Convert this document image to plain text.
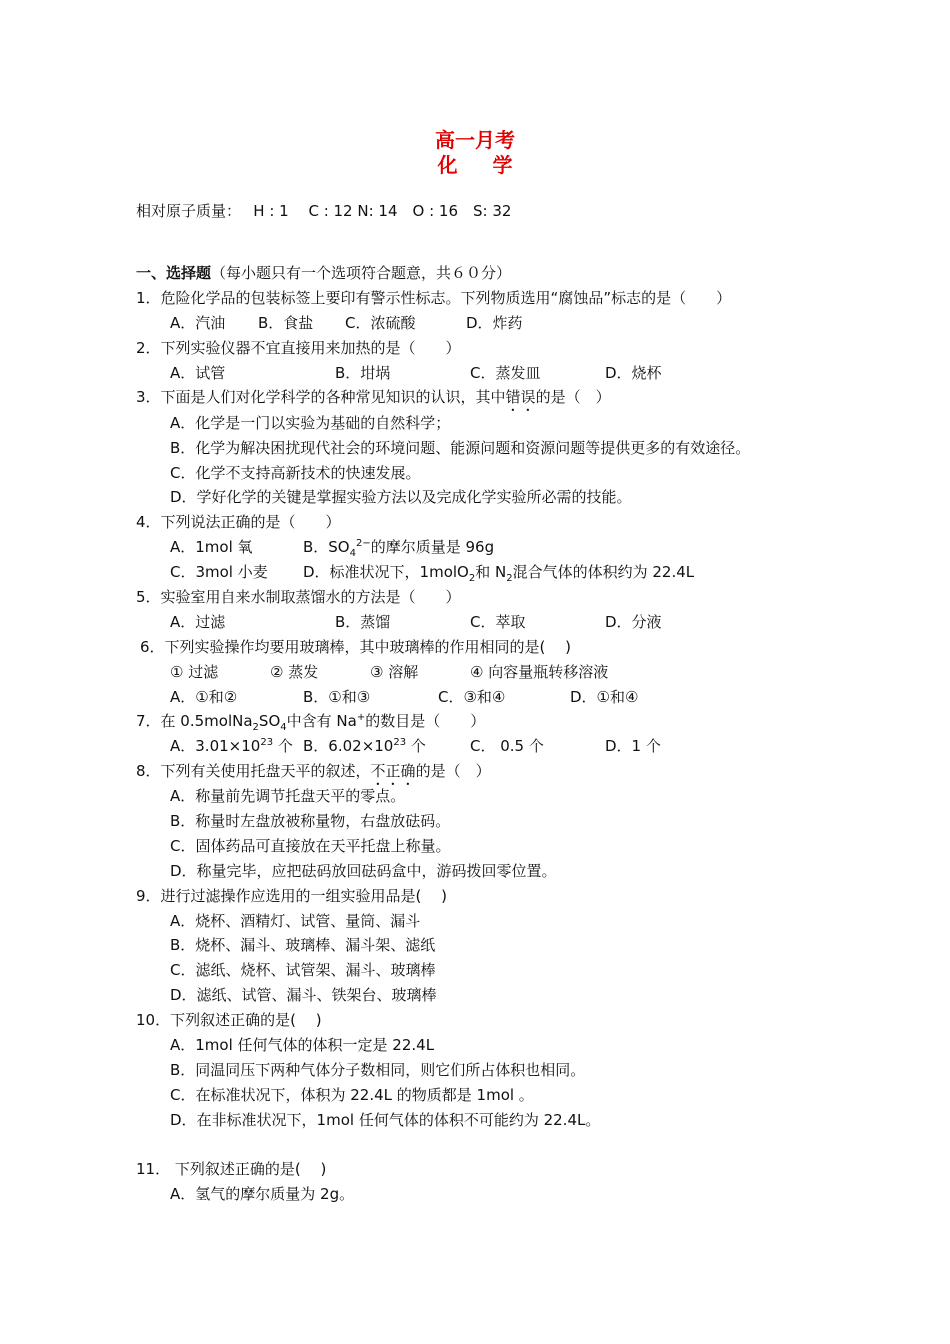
高一月考
化 学
相对原子质量：　 H : 1　 C : 12 N: 14　O : 16　S: 32
一、选择题（每小题只有一个选项符合题意，共６０分）
1．危险化学品的包装标签上要印有警示性标志。下列物质选用“腐蚀品”标志的是（　　）
A．汽油 B．食盐 C．浓硫酸	D．炸药
2．下列实验仪器不宜直接用来加热的是（　　）
A．试管	B．坩埚	C．蒸发皿	D．烧杯
3．下面是人们对化学科学的各种常见知识的认识，其中错误的是（　）
A．化学是一门以实验为基础的自然科学；
B．化学为解决困扰现代社会的环境问题、能源问题和资源问题等提供更多的有效途径。
C．化学不支持高新技术的快速发展。
D．学好化学的关键是掌握实验方法以及完成化学实验所必需的技能。
4．下列说法正确的是（　　）
A．1mol 氧	B．$SO_4^{2-}$的摩尔质量是 96g
C．3mol 小麦 D．标准状况下，1molO$_2$和 $N_2$混合气体的体积约为 22.4L
5．实验室用自来水制取蒸馏水的方法是（　　）
A．过滤	B．蒸馏	C．萃取	D．分液
6．下列实验操作均要用玻璃棒，其中玻璃棒的作用相同的是(　 )
① 过滤	② 蒸发	③ 溶解	④ 向容量瓶转移溶液
A．①和②	B．①和③	C．③和④	D．①和④
7．在 $0.5molNa_2SO_4$中含有 Na+的数目是（　　）
A．$3.01\times 10^{23}$ 个 B．$6.02\times 10^{23}$ 个	C． 0.5 个	D．1 个
8．下列有关使用托盘天平的叙述，不正确的是（　）
A．称量前先调节托盘天平的零点。
B．称量时左盘放被称量物，右盘放砝码。
C．固体药品可直接放在天平托盘上称量。
D．称量完毕，应把砝码放回砝码盒中，游码拨回零位置。
9．进行过滤操作应选用的一组实验用品是(　 )
A．烧杯、酒精灯、试管、量筒、漏斗
B．烧杯、漏斗、玻璃棒、漏斗架、滤纸
C．滤纸、烧杯、试管架、漏斗、玻璃棒
D．滤纸、试管、漏斗、铁架台、玻璃棒
10．下列叙述正确的是(　 )
A．1mol 任何气体的体积一定是 22.4L
B．同温同压下两种气体分子数相同，则它们所占体积也相同。
C．在标准状况下，体积为 22.4L 的物质都是 1mol 。
D．在非标准状况下，1mol 任何气体的体积不可能约为 22.4L。
11． 下列叙述正确的是(　 )
A．氢气的摩尔质量为 2g。
